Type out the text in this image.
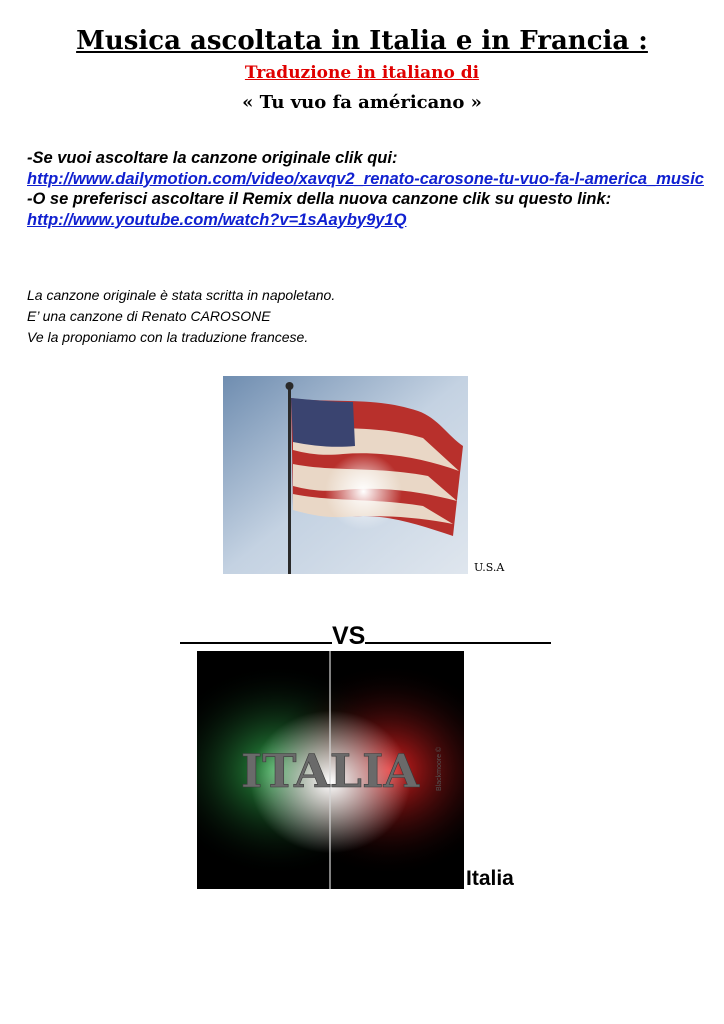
Musica ascoltata in Italia e in Francia :
Traduzione in italiano di
« Tu vuo fa américano »

-Se vuoi ascoltare la canzone originale clik qui:

http://www.dailymotion.com/video/xavqv2_renato-carosone-tu-vuo-fa-l-america_music

-O se preferisci ascoltare il Remix della nuova canzone clik su questo link: http://www.youtube.com/watch?v=1sAayby9y1Q

La canzone originale è stata scritta in napoletano.

E’ una canzone di Renato CAROSONE

Ve la proponiamo con la traduzione francese.

U.S.A
VS
ITALIA Blackmoore ©
Italia
